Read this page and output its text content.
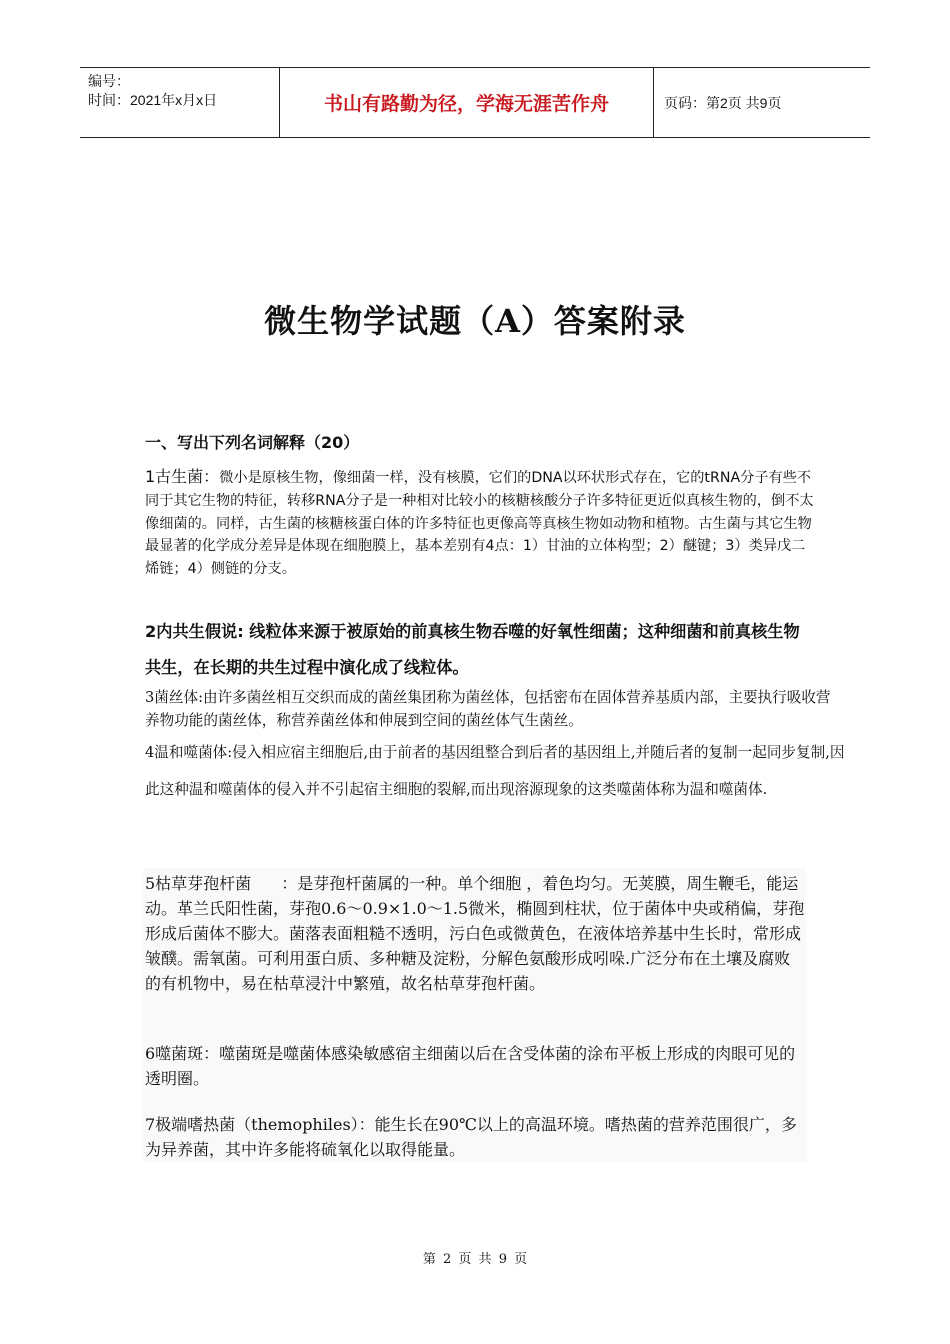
编号：
时间：2021年x月x日	书山有路勤为径，学海无涯苦作舟	页码：第2页 共9页
微生物学试题（A）答案附录
一、写出下列名词解释（20）
1古生菌：微小是原核生物，像细菌一样，没有核膜，它们的DNA以环状形式存在，它的tRNA分子有些不同于其它生物的特征，转移RNA分子是一种相对比较小的核糖核酸分子许多特征更近似真核生物的，倒不太像细菌的。同样，古生菌的核糖核蛋白体的许多特征也更像高等真核生物如动物和植物。古生菌与其它生物最显著的化学成分差异是体现在细胞膜上，基本差别有4点：1）甘油的立体构型；2）醚键；3）类异戊二烯链；4）侧链的分支。
2内共生假说: 线粒体来源于被原始的前真核生物吞噬的好氧性细菌；这种细菌和前真核生物共生，在长期的共生过程中演化成了线粒体。
3菌丝体:由许多菌丝相互交织而成的菌丝集团称为菌丝体，包括密布在固体营养基质内部，主要执行吸收营养物功能的菌丝体，称营养菌丝体和伸展到空间的菌丝体气生菌丝。
4温和噬菌体:侵入相应宿主细胞后,由于前者的基因组整合到后者的基因组上,并随后者的复制一起同步复制,因此这种温和噬菌体的侵入并不引起宿主细胞的裂解,而出现溶源现象的这类噬菌体称为温和噬菌体.
5枯草芽孢杆菌 ：是芽孢杆菌属的一种。单个细胞 ，着色均匀。无荚膜，周生鞭毛，能运动。革兰氏阳性菌，芽孢0.6～0.9×1.0～1.5微米，椭圆到柱状，位于菌体中央或稍偏，芽孢形成后菌体不膨大。菌落表面粗糙不透明，污白色或微黄色，在液体培养基中生长时，常形成皱醭。需氧菌。可利用蛋白质、多种糖及淀粉，分解色氨酸形成吲哚.广泛分布在土壤及腐败的有机物中，易在枯草浸汁中繁殖，故名枯草芽孢杆菌。
6噬菌斑：噬菌斑是噬菌体感染敏感宿主细菌以后在含受体菌的涂布平板上形成的肉眼可见的透明圈。
7极端嗜热菌（themophiles）：能生长在90℃以上的高温环境。嗜热菌的营养范围很广，多为异养菌，其中许多能将硫氧化以取得能量。
第 2 页 共 9 页
